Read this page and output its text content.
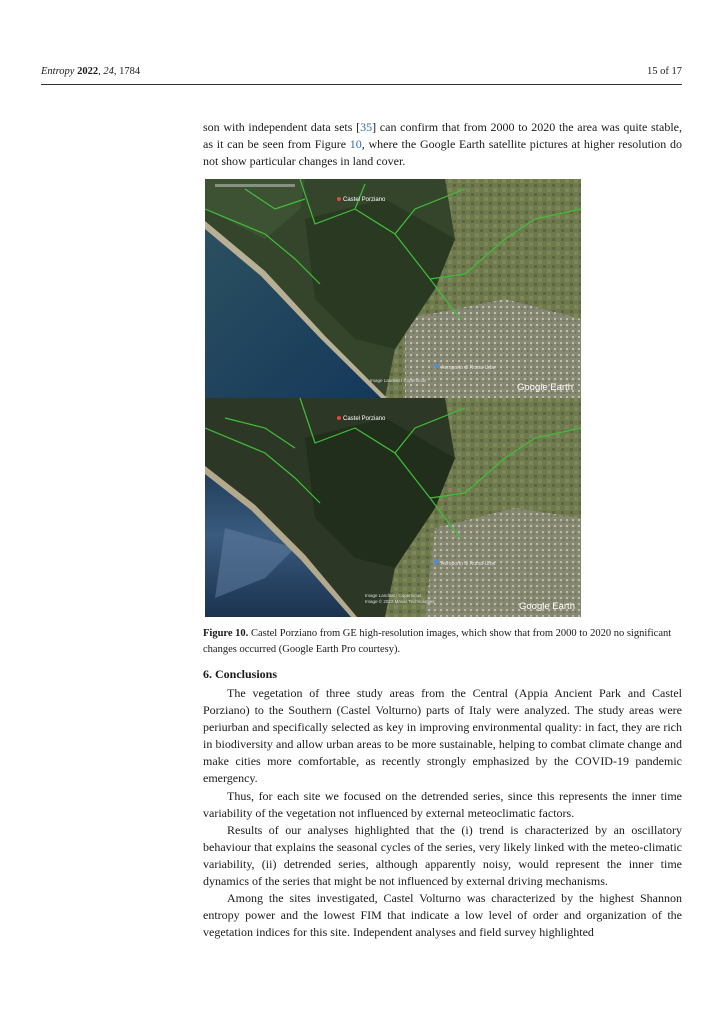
Entropy 2022, 24, 1784	15 of 17
son with independent data sets [35] can confirm that from 2000 to 2020 the area was quite stable, as it can be seen from Figure 10, where the Google Earth satellite pictures at higher resolution do not show particular changes in land cover.
Castel Porziano
Aeroporto di Roma-Urbe
Image Landsat / Copernicus
Google Earth
Castel Porziano
Aeroporto di Roma-Urbe
Image Landsat / Copernicus
Image © 2022 Maxar Technologies	Google Earth
Figure 10. Castel Porziano from GE high-resolution images, which show that from 2000 to 2020 no significant changes occurred (Google Earth Pro courtesy).
6. Conclusions

The vegetation of three study areas from the Central (Appia Ancient Park and Castel Porziano) to the Southern (Castel Volturno) parts of Italy were analyzed. The study areas were periurban and specifically selected as key in improving environmental quality: in fact, they are rich in biodiversity and allow urban areas to be more sustainable, helping to combat climate change and make cities more comfortable, as recently strongly emphasized by the COVID-19 pandemic emergency.

Thus, for each site we focused on the detrended series, since this represents the inner time variability of the vegetation not influenced by external meteoclimatic factors.

Results of our analyses highlighted that the (i) trend is characterized by an oscillatory behaviour that explains the seasonal cycles of the series, very likely linked with the meteo-climatic variability, (ii) detrended series, although apparently noisy, would represent the inner time dynamics of the series that might be not influenced by external driving mechanisms.

Among the sites investigated, Castel Volturno was characterized by the highest Shannon entropy power and the lowest FIM that indicate a low level of order and organization of the vegetation indices for this site. Independent analyses and field survey highlighted
